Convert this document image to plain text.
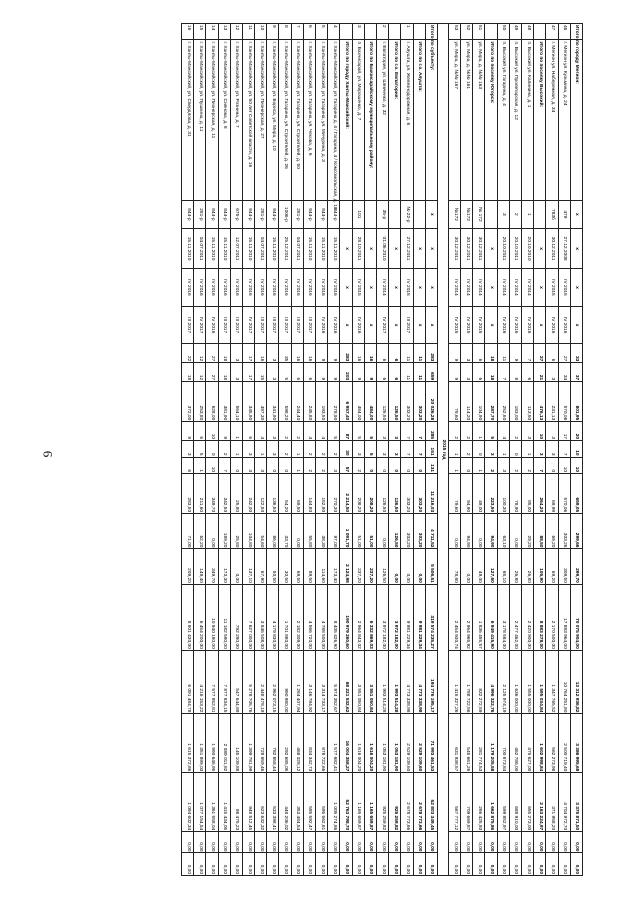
6
Итого по городу Мегион:		x	x	x	x	33	37	801,95	20	10	10	659,05	299,66	299,70	70 075 904,00	13 312 936,82	3 386 995,68	3 375 871,50	0,00	0,00
46	г. Мегион ул. Кузьмина, д. 24	479	27.12.2008	IV 2015	IV 2016	27	34	570,06	17	7	10	570,06	303,26	309,50	17 893 964,00	10 764 251,90	2 500 719,40	4 704 972,70	0,00	0,00
47	г. Мегион ул. Набережная, д. 34	783б	30.12.2011	IV 2015	IV 2016	6	3	231,13	3	3	0	69,99	69,20	69,20	2 170 500,00	1 347 765,52	562 273,98	371 958,20	0,00	0,00
	Итого по поселку Высокий:		x	x	x	27	21	476,13	10	3	7	264,20	88,50	105,90	8 883 278,00	1 595 034,84	1 602 998,84	2 163 224,97	0,00	0,00
48	п. Высокий ул. Калинина, д. 1	1	20.10.2010	IV 2014	IV 2016	7	6	113,50	3	1	2	85,00	29,20	26,80	2 420 900,00	1 555 000,00	475 627,00	655 273,00	0,00	0,00
49	п. Высокий ул. Пролетарская, д. 12	2	20.10.2011	IV 2014	IV 2016	9	8	183,00	2	0	2	78,90	0,00	26,80	2 477 462,00	1 636 000,00	462 786,00	688 910,00	0,00	0,00
50	п. Высокий ул. Гагарина, д. 4	3	20.10.2011	IV 2014	IV 2016	11	7	252,60	4	1	3	100,30	63,10	65,10	3 178 584,00	2 125 974,19	700 673,84	599 852,97	0,00	0,00
	Итого по поселку Югорск:		x	x	x	18	18	287,70	5	3	2	223,50	94,90	127,60	6 949 415,90	4 996 322,76	1 179 205,58	1 662 875,86	0,00	0,00
51	ул. Мира, д. №№ 163	№ 172	30.12.2011	IV 2014	IV 2015	6	6	104,90	1	0	1	49,00	0,00	49,00	1 836 455,57	832 272,59	281 774,53	266 425,93	0,00	0,00
52	ул. Мира, д. №№ 161	№172	30.12.2011	IV 2014	IV 2015	3	3	114,20	2	2	0	94,90	94,90	0,00	2 964 965,92	1 788 722,56	545 661,26	709 669,87	0,00	0,00
53	ул. Мира, д. №№ 167	№172	30.12.2011	IV 2014	IV 2015	9	9	78,60	2	1	1	79,60	0,00	78,60	2 454 930,74	1 415 327,26	631 938,57	567 777,12	0,00	0,00
2015 год																				
Итого по субъекту:		x	x	x	x	283	659	20 026,28	285	151	131	11 216,03	4 711,52	5 506,51	319 574 235,27	194 776 195,17	71 993 461,53	52 803 349,45	0,00	0,00
	Итого по г.о. Алушта:		x	x	x	11	11	303,20	7	7	0	303,20	303,20	0,00	9 981 229,34	4 773 338,98	2 529 109,60	2 678 773,66	0,00	0,00
1	г. Алушта, ул. Железнодорожная, д. 6	№ 22-р	27.12.2011	IV 2015	III 2017	11	11	303,20	7	7	0	303,20	303,20	0,00	9 981 229,34	4 773 338,98	2 529 109,60	2 678 773,66	0,00	0,00
	Итого по г.о. Евпатория:		x	x	x	6	6	126,50	3	3	0	126,50	126,50	0,00	3 972 182,00	1 993 514,28	1 053 181,90	925 259,82	0,00	0,00
2	г. Евпатория, ул. Шевченко, д. 32	35-р	01.06.2010	IV 2014	IV 2017	6	6	126,50	3	3	0	126,50	0,00	126,50	3 972 182,00	1 993 514,28	1 053 181,90	925 259,82	0,00	0,00
	Итого по Бахчисарайскому муниципальному району:		x	x	x	16	9	484,00	5	5	0	208,20	51,00	237,20	6 332 869,03	3 551 050,84	1 616 004,20	1 165 659,87	0,00	0,00
3	п. Бахчисарай, ул. Мирошенко, д. 7	101	28.10.2011	IV 2015	IV 2016	16	9	484,00	5	3	2	208,20	51,00	237,20	2 964 843,02	3 551 050,84	1 616 004,20	1 165 659,87	0,00	0,00
	Итого по городу Ханты-Мансийский:		x	x	x	283	203	6 957,40	87	30	57	2 214,50	1 091,70	2 124,98	190 979 260,60	68 221 532,62	16 004 358,27	52 763 798,70	0,00	0,00
4	г. Ханты-Мансийский, ул. Гагарина д. 4 / Гагарина, 4 / Комсомольская, д. 18	844-р	15.11.2010	IV 2016	IV 2016	9	9	278,90	5	2	3	270,30	97,00	173,40	8 405 426,90	5 974 352,67	1 577 682,41	1 005 274,86	0,00	0,00
5	г. Ханты-Мансийский, ул. Гагарина, ул. Мичурина, д. 3	844-р	15.11.2010	IV 2016	IV 2016	9	9	193,50	4	2	2	152,90	38,30	114,60	4 788 500,00	3 314 733,17	878 722,66	595 562,61	0,00	0,00
6	г. Ханты-Мансийский, ул. Гагарина, ул. Чехова, д. 6	844-р	15.11.2010	IV 2016	III 2017	16	6	245,80	4	2	2	144,80	55,80	89,50	4 566 720,00	3 146 784,92	834 342,73	585 592,47	0,00	0,00
7	г. Ханты-Мансийский, ул. Гагарина, ул. Строителей, д. 50	281-р	04.07.2011	IV 2016	III 2017	16	6	244,40	2	1	1	69,50	0,00	69,50	2 182 309,00	1 284 407,94	468 028,12	353 484,54	0,00	0,00
8	г. Ханты-Мансийский, ул. Гагарина, ул. Строителей, д. 26	1006-р	25.12.2011	IV 2016	III 2017	35	5	598,20	2	2	0	54,20	33,70	30,50	1 701 880,00	990 980,00	292 685,05	448 206,02	0,00	0,00
9	г. Ханты-Мансийский, ул. Бориса, ул. Мира, д. 10	844-р	15.11.2010	IV 2016	III 2017	3	3	341,90	3	3	0	136,50	86,00	50,50	4 179 830,00	2 962 073,15	782 658,44	533 398,41	0,00	0,00
10	г. Ханты-Мансийский, ул. Пионерская, д. 27	281-р	04.07.2011	IV 2016	III 2017	16	15	497,30	4	1	3	122,50	54,60	67,90	3 846 508,00	2 448 478,19	728 659,46	623 632,32	0,00	0,00
11	г. Ханты-Мансийский, ул. 50 лет Советской власти, д. 16	844-р	15.11.2010	IV 2016	IV 2017	17	17	345,90	6	3	3	242,00	104,80	137,10	7 627 000,00	5 278 705,76	1 399 781,99	948 512,45	0,00	0,00
12	г. Ханты-Мансийский, ул. Рознина, д. 7	675-р	12.07.2011	IV 2016	III 2017	3	3	564,10	1	1	0	25,80	25,80	0,00	792 280,00	547 644,89	145 109,88	98 475,23	0,00	0,00
13	г. Ханты-Мансийский, ул. Сиянова, д. 8	844-р	15.11.2010	IV 2016	III 2017	18	18	381,90	9	2	7	342,50	189,20	173,30	11 182 590,00	7 877 834,15	2 089 011,82	1 415 434,05	0,00	0,00
14	г. Ханты-Мансийский, ул. Пионерская, д. 11	844-р	15.11.2010	IV 2016	IV 2016	27	27	628,00	10	0	10	349,70	0,00	349,70	10 940 180,00	7 577 852,81	1 990 646,95	1 361 558,04	0,00	0,00
15	г. Ханты-Мансийский, ул. Пушкина, д. 11	281-р	04.07.2011	IV 2016	IV 2017	12	12	253,80	6	5	1	211,60	62,20	149,40	6 454 200,00	4 216 153,22	1 351 899,03	1 077 154,54	0,00	0,00
16	г. Ханты-Мансийский, ул. Свердлова, д. 31	844-р	15.11.2010	IV 2016	III 2017	22	18	372,00	9	3	6	283,50	71,00	209,20	8 801 430,00	6 091 484,78	1 615 372,86	1 094 602,34	0,00	0,00
